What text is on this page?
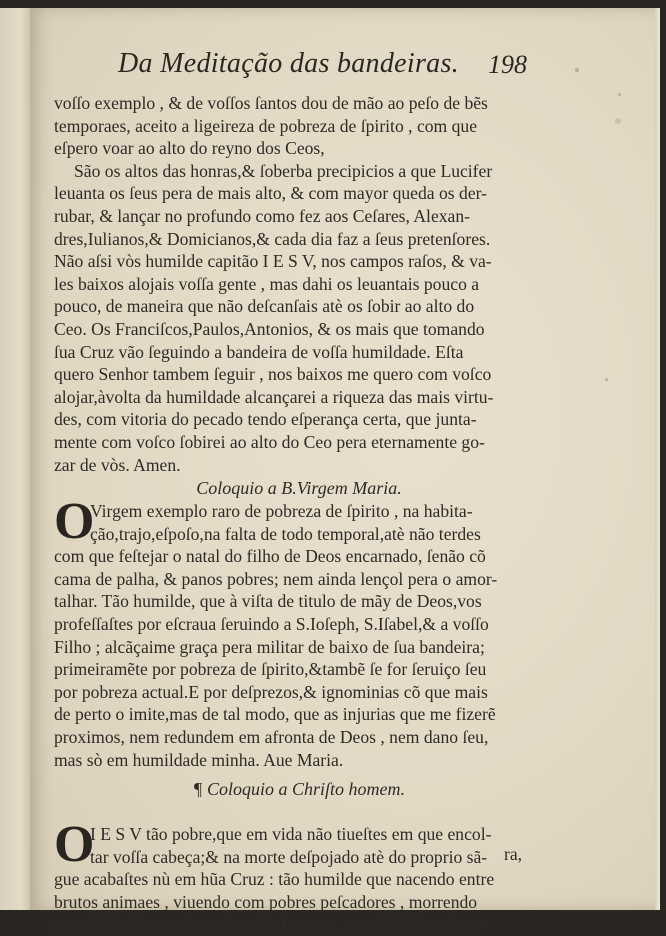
Da Meditação das bandeiras. 198
voſſo exemplo , & de voſſos ſantos dou de mão ao peſo de bẽs
temporaes, aceito a ligeireza de pobreza de ſpirito , com que
eſpero voar ao alto do reyno dos Ceos,
São os altos das honras,& ſoberba precipicios a que Lucifer
leuanta os ſeus pera de mais alto, & com mayor queda os der-
rubar, & lançar no profundo como fez aos Ceſares, Alexan-
dres,Iulianos,& Domicianos,& cada dia faz a ſeus pretenſores.
Não aſsi vòs humilde capitão I E S V, nos campos raſos, & va-
les baixos alojais voſſa gente , mas dahi os leuantais pouco a
pouco, de maneira que não deſcanſais atè os ſobir ao alto do
Ceo. Os Franciſcos,Paulos,Antonios, & os mais que tomando
ſua Cruz vão ſeguindo a bandeira de voſſa humildade. Eſta
quero Senhor tambem ſeguir , nos baixos me quero com voſco
alojar,àvolta da humildade alcançarei a riqueza das mais virtu-
des, com vitoria do pecado tendo eſperança certa, que junta-
mente com voſco ſobirei ao alto do Ceo pera eternamente go-
zar de vòs. Amen.
Coloquio a B.Virgem Maria.
O
Virgem exemplo raro de pobreza de ſpirito , na habita-
ção,trajo,eſpoſo,na falta de todo temporal,atè não terdes
com que feſtejar o natal do filho de Deos encarnado, ſenão cõ
cama de palha, & panos pobres; nem ainda lençol pera o amor-
talhar. Tão humilde, que à viſta de titulo de mãy de Deos,vos
profeſſaſtes por eſcraua ſeruindo a S.Ioſeph, S.Iſabel,& a voſſo
Filho ; alcãçaime graça pera militar de baixo de ſua bandeira;
primeiramẽte por pobreza de ſpirito,&tambẽ ſe for ſeruiço ſeu
por pobreza actual.E por deſprezos,& ignominias cõ que mais
de perto o imite,mas de tal modo, que as injurias que me fizerẽ
proximos, nem redundem em afronta de Deos , nem dano ſeu,
mas sò em humildade minha. Aue Maria.
¶ Coloquio a Chriſto homem.
O
I E S V tão pobre,que em vida não tiueſtes em que encol-
tar voſſa cabeça;& na morte deſpojado atè do proprio sã-
gue acabaſtes nù em hũa Cruz : tão humilde que nacendo entre
brutos animaes , viuendo com pobres peſcadores , morrendo
entre ladroẽs,vos chamaſtes,não homem, mas bichinho da ter-
ra,
